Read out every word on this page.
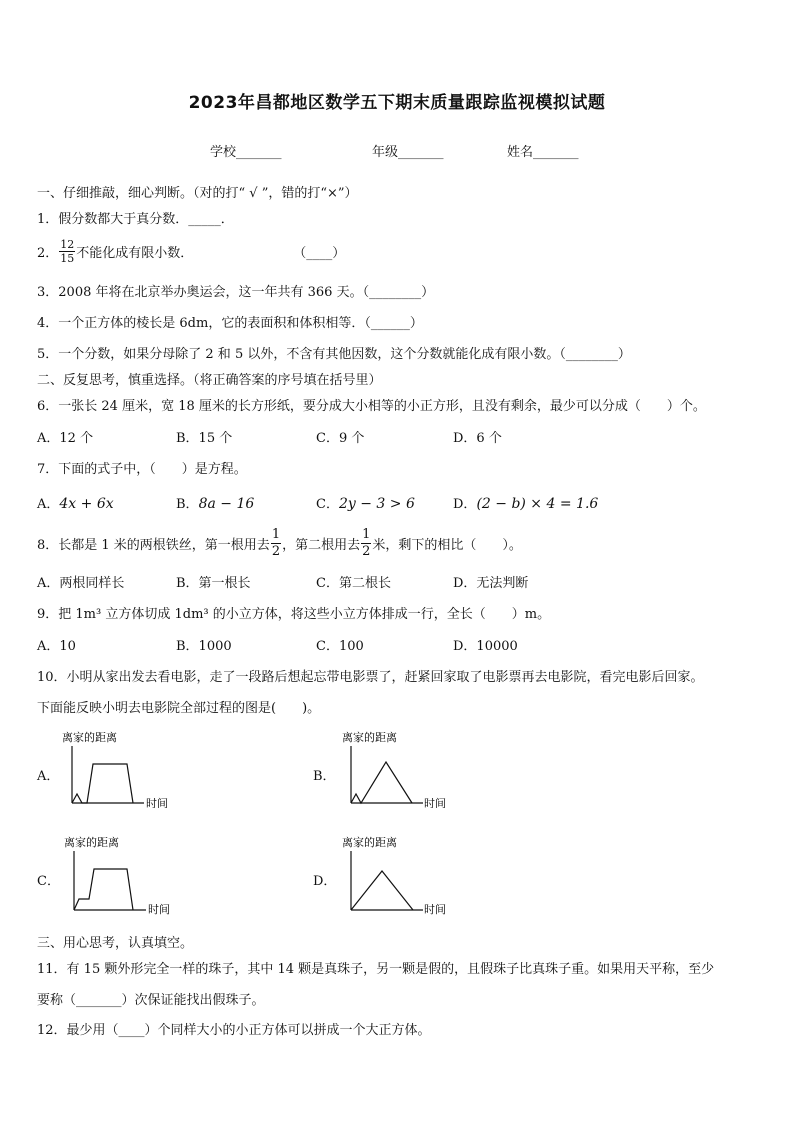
2023年昌都地区数学五下期末质量跟踪监视模拟试题
学校_______	年级_______	姓名_______
一、仔细推敲，细心判断。（对的打“ √ ”，错的打“×”）
1．假分数都大于真分数．_____．
2． $\frac{12}{15}$ 不能化成有限小数．	（____）
3．2008 年将在北京举办奥运会，这一年共有 366 天。（________）
4．一个正方体的棱长是 6dm，它的表面积和体积相等．（______）
5．一个分数，如果分母除了 2 和 5 以外，不含有其他因数，这个分数就能化成有限小数。（________）
二、反复思考，慎重选择。（将正确答案的序号填在括号里）
6．一张长 24 厘米，宽 18 厘米的长方形纸，要分成大小相等的小正方形，且没有剩余，最少可以分成（　　）个。
A．12 个	B．15 个	C．9 个	D．6 个
7．下面的式子中，（　　）是方程。
A．4x + 6x	B．8a − 16	C．2y − 3 > 6	D．(2 − b) × 4 = 1.6
8．长都是 1 米的两根铁丝，第一根用去 $\frac{1}{2}$ ，第二根用去 $\frac{1}{2}$ 米，剩下的相比（　　）。
A．两根同样长	B．第一根长	C．第二根长	D．无法判断
9．把 1m³ 立方体切成 1dm³ 的小立方体，将这些小立方体排成一行，全长（　　）m。
A．10	B．1000	C．100	D．10000
10．小明从家出发去看电影，走了一段路后想起忘带电影票了，赶紧回家取了电影票再去电影院，看完电影后回家。
下面能反映小明去电影院全部过程的图是(　　)。
A．
离家的距离
时间
B．
离家的距离
时间
C．
离家的距离
时间
D．
离家的距离
时间
三、用心思考，认真填空。
11．有 15 颗外形完全一样的珠子，其中 14 颗是真珠子，另一颗是假的，且假珠子比真珠子重。如果用天平称，至少
要称（_______）次保证能找出假珠子。
12．最少用（____）个同样大小的小正方体可以拼成一个大正方体。
